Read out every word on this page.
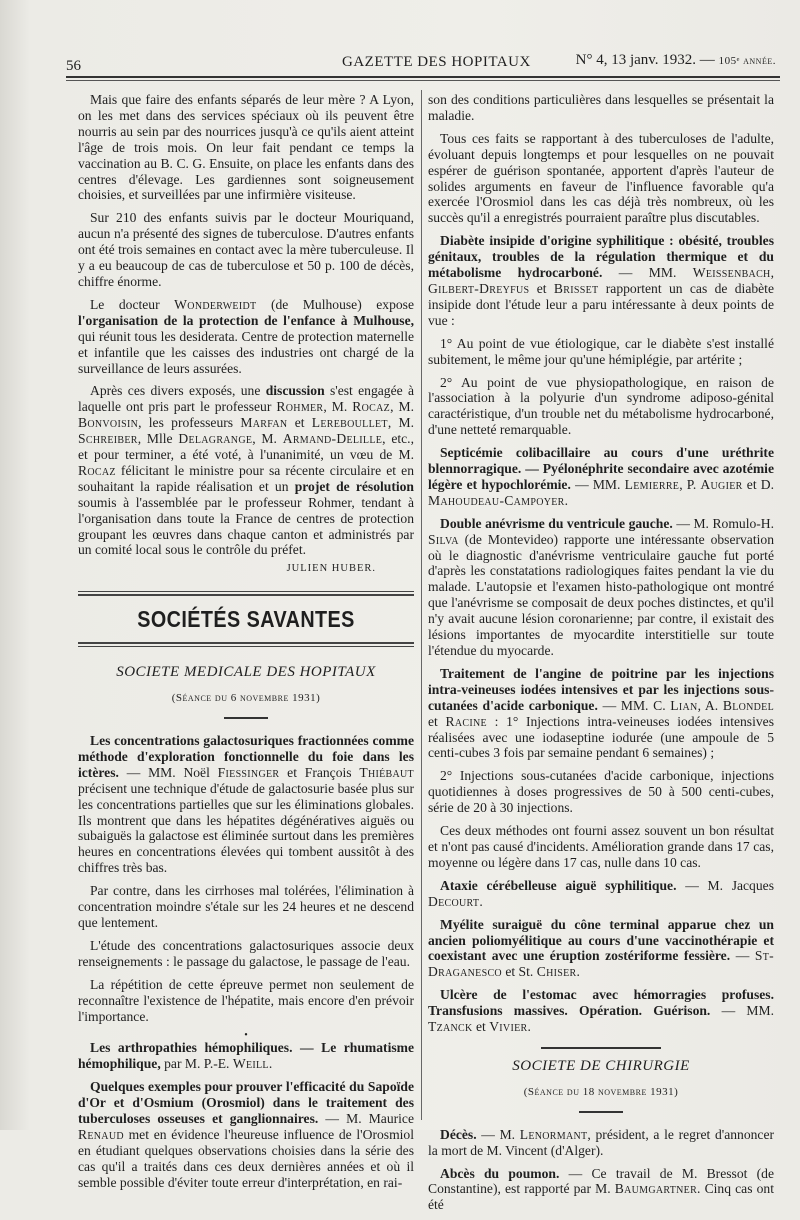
56	GAZETTE DES HOPITAUX	N° 4, 13 janv. 1932. — 105ᵉ année.

Mais que faire des enfants séparés de leur mère ? A Lyon, on les met dans des services spéciaux où ils peuvent être nourris au sein par des nourrices jusqu'à ce qu'ils aient atteint l'âge de trois mois. On leur fait pendant ce temps la vaccination au B. C. G. Ensuite, on place les enfants dans des centres d'élevage. Les gardiennes sont soigneusement choisies, et surveillées par une infirmière visiteuse.

Sur 210 des enfants suivis par le docteur Mouriquand, aucun n'a présenté des signes de tuberculose. D'autres enfants ont été trois semaines en contact avec la mère tuberculeuse. Il y a eu beaucoup de cas de tuberculose et 50 p. 100 de décès, chiffre énorme.

Le docteur Wonderweidt (de Mulhouse) expose l'organisation de la protection de l'enfance à Mulhouse, qui réunit tous les desiderata. Centre de protection maternelle et infantile que les caisses des industries ont chargé de la surveillance de leurs assurées.

Après ces divers exposés, une discussion s'est engagée à laquelle ont pris part le professeur Rohmer, M. Rocaz, M. Bonvoisin, les professeurs Marfan et Lereboullet, M. Schreiber, Mlle Delagrange, M. Armand-Delille, etc., et pour terminer, a été voté, à l'unanimité, un vœu de M. Rocaz félicitant le ministre pour sa récente circulaire et en souhaitant la rapide réalisation et un projet de résolution soumis à l'assemblée par le professeur Rohmer, tendant à l'organisation dans toute la France de centres de protection groupant les œuvres dans chaque canton et administrés par un comité local sous le contrôle du préfet.

JULIEN HUBER.
SOCIÉTÉS SAVANTES
SOCIETE MEDICALE DES HOPITAUX
(Séance du 6 novembre 1931)

Les concentrations galactosuriques fractionnées comme méthode d'exploration fonctionnelle du foie dans les ictères. — MM. Noël Fiessinger et François Thiébaut précisent une technique d'étude de galactosurie basée plus sur les concentrations partielles que sur les éliminations globales. Ils montrent que dans les hépatites dégénératives aiguës ou subaiguës la galactose est éliminée surtout dans les premières heures en concentrations élevées qui tombent aussitôt à des chiffres très bas.

Par contre, dans les cirrhoses mal tolérées, l'élimination à concentration moindre s'étale sur les 24 heures et ne descend que lentement.

L'étude des concentrations galactosuriques associe deux renseignements : le passage du galactose, le passage de l'eau.

La répétition de cette épreuve permet non seulement de reconnaître l'existence de l'hépatite, mais encore d'en prévoir l'importance.

•

Les arthropathies hémophiliques. — Le rhumatisme hémophilique, par M. P.-E. Weill.

Quelques exemples pour prouver l'efficacité du Sapoïde d'Or et d'Osmium (Orosmiol) dans le traitement des tuberculoses osseuses et ganglionnaires. — M. Maurice Renaud met en évidence l'heureuse influence de l'Orosmiol en étudiant quelques observations choisies dans la série des cas qu'il a traités dans ces deux dernières années et où il semble possible d'éviter toute erreur d'interprétation, en rai-

son des conditions particulières dans lesquelles se présentait la maladie.

Tous ces faits se rapportant à des tuberculoses de l'adulte, évoluant depuis longtemps et pour lesquelles on ne pouvait espérer de guérison spontanée, apportent d'après l'auteur de solides arguments en faveur de l'influence favorable qu'a exercée l'Orosmiol dans les cas déjà très nombreux, où les succès qu'il a enregistrés pourraient paraître plus discutables.

Diabète insipide d'origine syphilitique : obésité, troubles génitaux, troubles de la régulation thermique et du métabolisme hydrocarboné. — MM. Weissenbach, Gilbert-Dreyfus et Brisset rapportent un cas de diabète insipide dont l'étude leur a paru intéressante à deux points de vue :

1° Au point de vue étiologique, car le diabète s'est installé subitement, le même jour qu'une hémiplégie, par artérite ;

2° Au point de vue physiopathologique, en raison de l'association à la polyurie d'un syndrome adiposo-génital caractéristique, d'un trouble net du métabolisme hydrocarboné, d'une netteté remarquable.

Septicémie colibacillaire au cours d'une uréthrite blennorragique. — Pyélonéphrite secondaire avec azotémie légère et hypochlorémie. — MM. Lemierre, P. Augier et D. Mahoudeau-Campoyer.

Double anévrisme du ventricule gauche. — M. Romulo-H. Silva (de Montevideo) rapporte une intéressante observation où le diagnostic d'anévrisme ventriculaire gauche fut porté d'après les constatations radiologiques faites pendant la vie du malade. L'autopsie et l'examen histo-pathologique ont montré que l'anévrisme se composait de deux poches distinctes, et qu'il n'y avait aucune lésion coronarienne; par contre, il existait des lésions importantes de myocardite interstitielle sur toute l'étendue du myocarde.

Traitement de l'angine de poitrine par les injections intra-veineuses iodées intensives et par les injections sous-cutanées d'acide carbonique. — MM. C. Lian, A. Blondel et Racine : 1° Injections intra-veineuses iodées intensives réalisées avec une iodaseptine iodurée (une ampoule de 5 centi-cubes 3 fois par semaine pendant 6 semaines) ;

2° Injections sous-cutanées d'acide carbonique, injections quotidiennes à doses progressives de 50 à 500 centi-cubes, série de 20 à 30 injections.

Ces deux méthodes ont fourni assez souvent un bon résultat et n'ont pas causé d'incidents. Amélioration grande dans 17 cas, moyenne ou légère dans 17 cas, nulle dans 10 cas.

Ataxie cérébelleuse aiguë syphilitique. — M. Jacques Decourt.

Myélite suraiguë du cône terminal apparue chez un ancien poliomyélitique au cours d'une vaccinothérapie et coexistant avec une éruption zostériforme fessière. — St-Draganesco et St. Chiser.

Ulcère de l'estomac avec hémorragies profuses. Transfusions massives. Opération. Guérison. — MM. Tzanck et Vivier.

SOCIETE DE CHIRURGIE
(Séance du 18 novembre 1931)

Décès. — M. Lenormant, président, a le regret d'annoncer la mort de M. Vincent (d'Alger).

Abcès du poumon. — Ce travail de M. Bressot (de Constantine), est rapporté par M. Baumgartner. Cinq cas ont été
